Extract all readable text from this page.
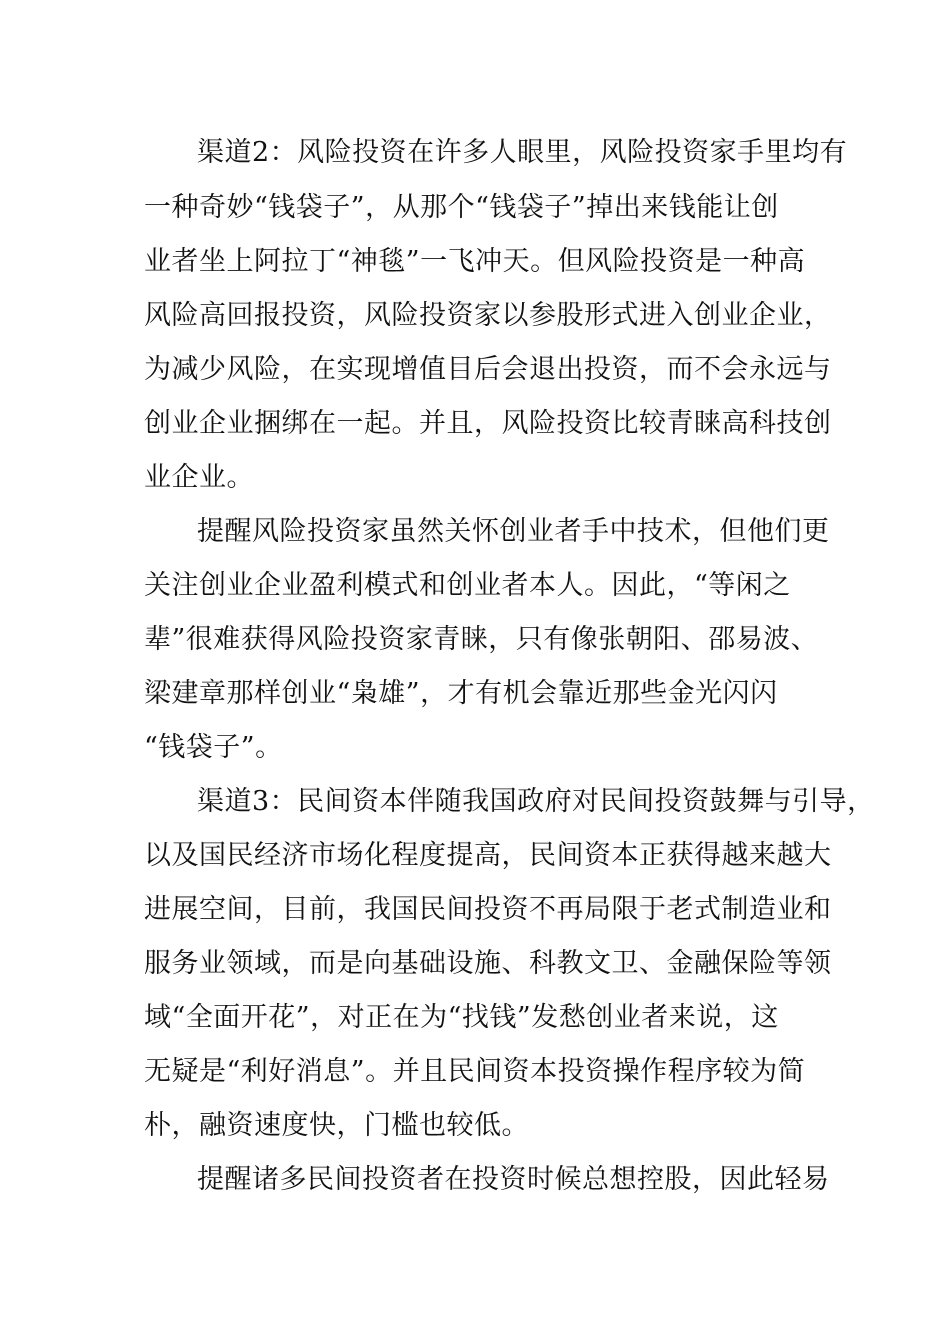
渠道2：风险投资在许多人眼里，风险投资家手里均有
一种奇妙“钱袋子”，从那个“钱袋子”掉出来钱能让创
业者坐上阿拉丁“神毯”一飞冲天。但风险投资是一种高
风险高回报投资，风险投资家以参股形式进入创业企业，
为减少风险，在实现增值目后会退出投资，而不会永远与
创业企业捆绑在一起。并且，风险投资比较青睐高科技创
业企业。
提醒风险投资家虽然关怀创业者手中技术，但他们更
关注创业企业盈利模式和创业者本人。因此，“等闲之
辈”很难获得风险投资家青睐，只有像张朝阳、邵易波、
梁建章那样创业“枭雄”，才有机会靠近那些金光闪闪
“钱袋子”。
渠道3：民间资本伴随我国政府对民间投资鼓舞与引导，
以及国民经济市场化程度提高，民间资本正获得越来越大
进展空间，目前，我国民间投资不再局限于老式制造业和
服务业领域，而是向基础设施、科教文卫、金融保险等领
域“全面开花”，对正在为“找钱”发愁创业者来说，这
无疑是“利好消息”。并且民间资本投资操作程序较为简
朴，融资速度快，门槛也较低。
提醒诸多民间投资者在投资时候总想控股，因此轻易
